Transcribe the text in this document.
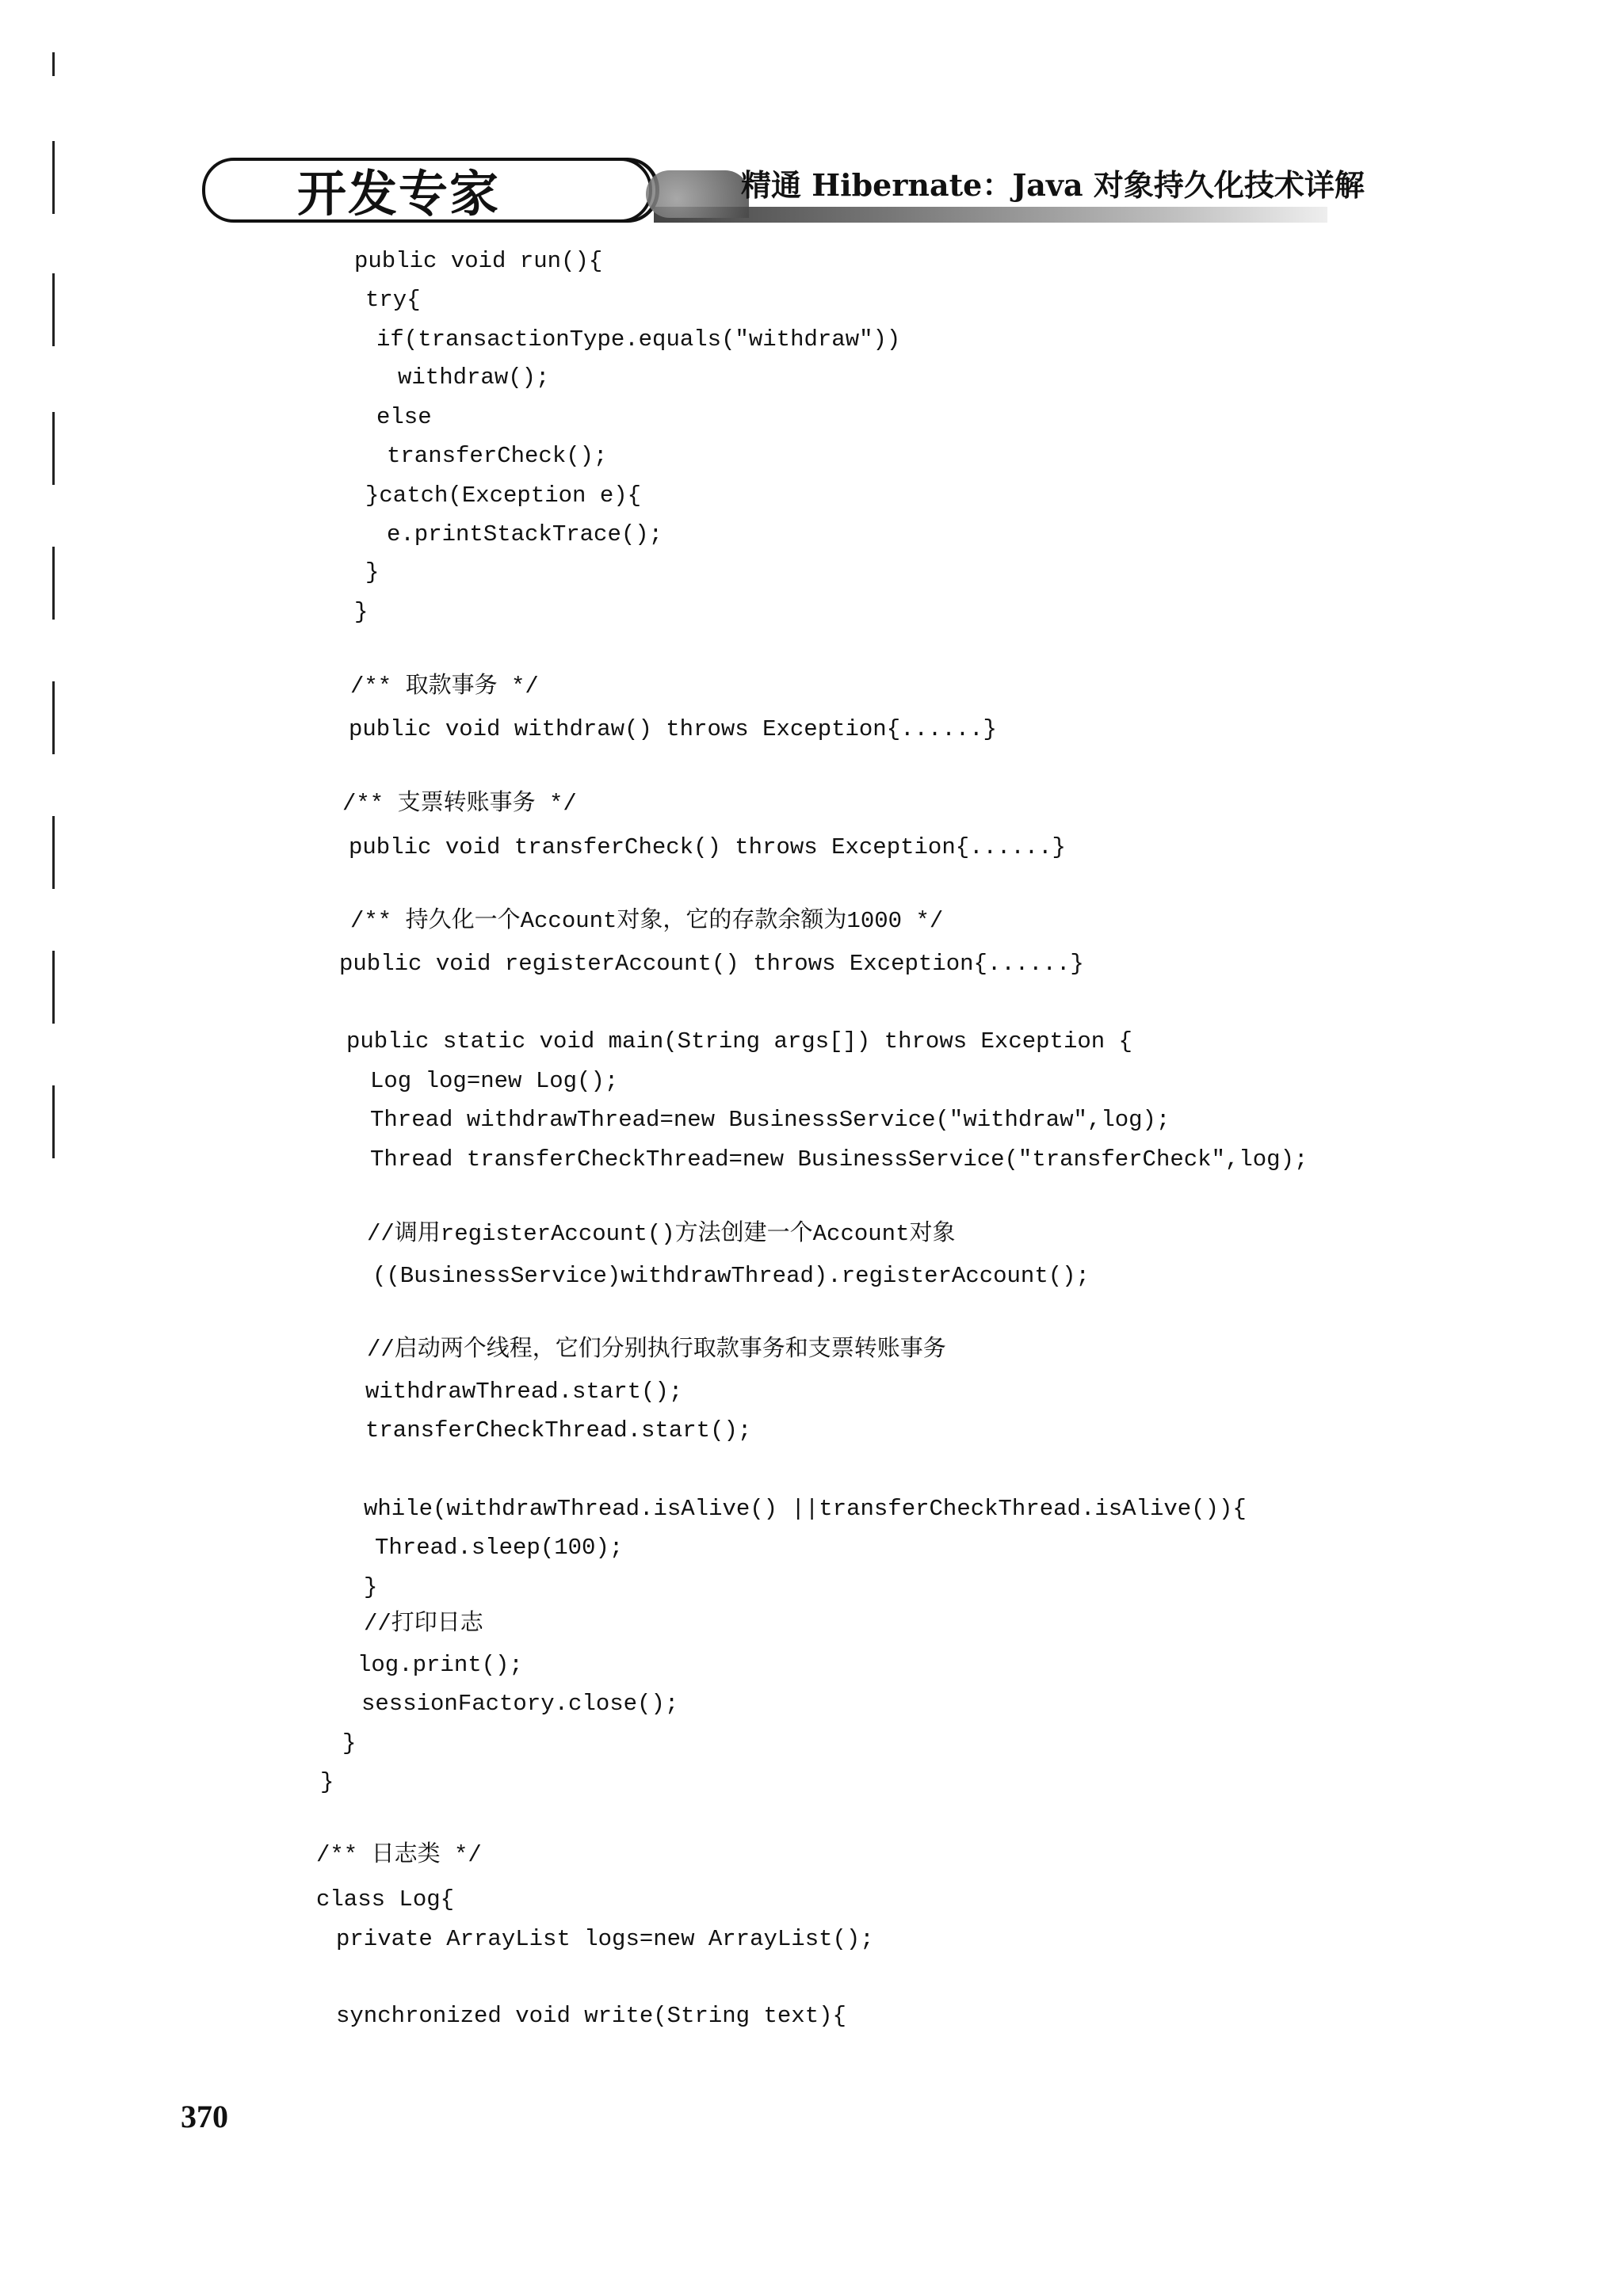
开发专家	精通 Hibernate：Java 对象持久化技术详解
public void run(){
try{
if(transactionType.equals("withdraw"))
withdraw();
else
transferCheck();
}catch(Exception e){
e.printStackTrace();
}
}
/** 取款事务 */
public void withdraw() throws Exception{......}
/** 支票转账事务 */
public void transferCheck() throws Exception{......}
/** 持久化一个Account对象，它的存款余额为1000 */
public void registerAccount() throws Exception{......}
public static void main(String args[]) throws Exception {
Log log=new Log();
Thread withdrawThread=new BusinessService("withdraw",log);
Thread transferCheckThread=new BusinessService("transferCheck",log);
//调用registerAccount()方法创建一个Account对象
((BusinessService)withdrawThread).registerAccount();
//启动两个线程，它们分别执行取款事务和支票转账事务
withdrawThread.start();
transferCheckThread.start();
while(withdrawThread.isAlive() ||transferCheckThread.isAlive()){
Thread.sleep(100);
}
//打印日志
log.print();
sessionFactory.close();
}
}
/** 日志类 */
class Log{
private ArrayList logs=new ArrayList();
synchronized void write(String text){
370
